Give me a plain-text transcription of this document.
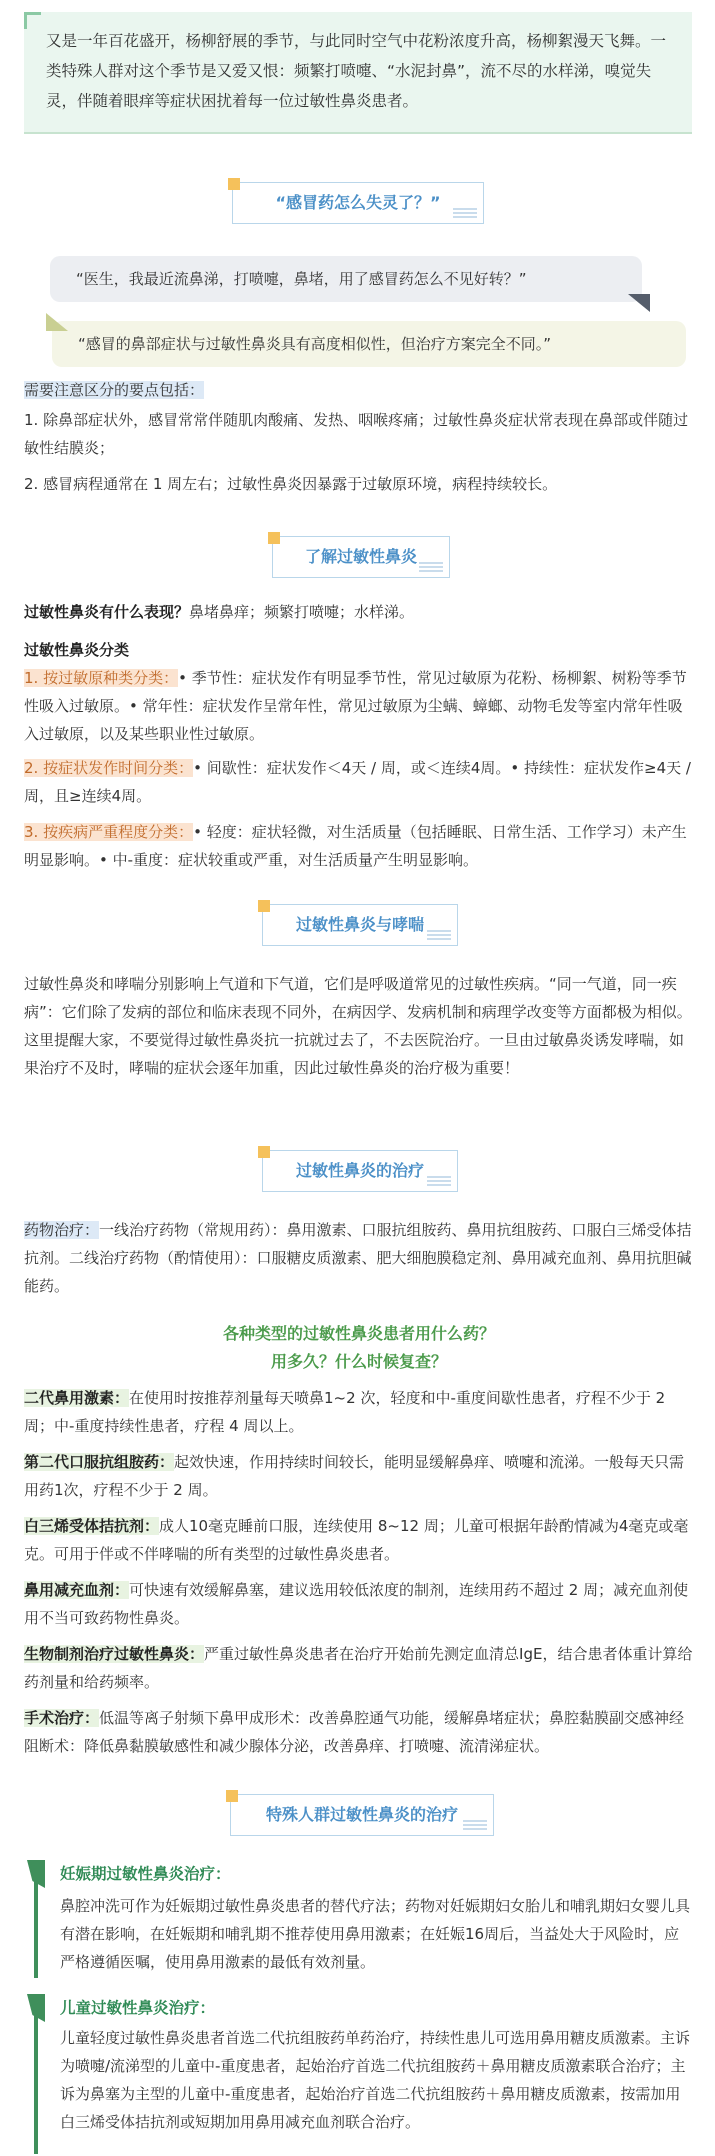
又是一年百花盛开，杨柳舒展的季节，与此同时空气中花粉浓度升高，杨柳絮漫天飞舞。一类特殊人群对这个季节是又爱又恨：频繁打喷嚏、“水泥封鼻”，流不尽的水样涕，嗅觉失灵，伴随着眼痒等症状困扰着每一位过敏性鼻炎患者。
“感冒药怎么失灵了？”
“医生，我最近流鼻涕，打喷嚏，鼻堵，用了感冒药怎么不见好转？”
“感冒的鼻部症状与过敏性鼻炎具有高度相似性，但治疗方案完全不同。”
需要注意区分的要点包括：
1. 除鼻部症状外，感冒常常伴随肌肉酸痛、发热、咽喉疼痛；过敏性鼻炎症状常表现在鼻部或伴随过敏性结膜炎；
2. 感冒病程通常在 1 周左右；过敏性鼻炎因暴露于过敏原环境，病程持续较长。
了解过敏性鼻炎
过敏性鼻炎有什么表现？鼻堵鼻痒；频繁打喷嚏；水样涕。
过敏性鼻炎分类
1. 按过敏原种类分类：• 季节性：症状发作有明显季节性，常见过敏原为花粉、杨柳絮、树粉等季节性吸入过敏原。• 常年性：症状发作呈常年性，常见过敏原为尘螨、蟑螂、动物毛发等室内常年性吸入过敏原，以及某些职业性过敏原。
2. 按症状发作时间分类：• 间歇性：症状发作＜4天 / 周，或＜连续4周。• 持续性：症状发作≥4天 / 周，且≥连续4周。
3. 按疾病严重程度分类：• 轻度：症状轻微，对生活质量（包括睡眠、日常生活、工作学习）未产生明显影响。• 中-重度：症状较重或严重，对生活质量产生明显影响。
过敏性鼻炎与哮喘
过敏性鼻炎和哮喘分别影响上气道和下气道，它们是呼吸道常见的过敏性疾病。“同一气道，同一疾病”：它们除了发病的部位和临床表现不同外，在病因学、发病机制和病理学改变等方面都极为相似。这里提醒大家，不要觉得过敏性鼻炎抗一抗就过去了，不去医院治疗。一旦由过敏鼻炎诱发哮喘，如果治疗不及时，哮喘的症状会逐年加重，因此过敏性鼻炎的治疗极为重要！
过敏性鼻炎的治疗
药物治疗：一线治疗药物（常规用药）：鼻用激素、口服抗组胺药、鼻用抗组胺药、口服白三烯受体拮抗剂。二线治疗药物（酌情使用）：口服糖皮质激素、肥大细胞膜稳定剂、鼻用减充血剂、鼻用抗胆碱能药。
各种类型的过敏性鼻炎患者用什么药？
用多久？什么时候复查？
二代鼻用激素：在使用时按推荐剂量每天喷鼻1~2 次，轻度和中-重度间歇性患者，疗程不少于 2 周；中-重度持续性患者，疗程 4 周以上。
第二代口服抗组胺药：起效快速，作用持续时间较长，能明显缓解鼻痒、喷嚏和流涕。一般每天只需用药1次，疗程不少于 2 周。
白三烯受体拮抗剂：成人10毫克睡前口服，连续使用 8~12 周；儿童可根据年龄酌情减为4毫克或毫克。可用于伴或不伴哮喘的所有类型的过敏性鼻炎患者。
鼻用减充血剂：可快速有效缓解鼻塞，建议选用较低浓度的制剂，连续用药不超过 2 周；减充血剂使用不当可致药物性鼻炎。
生物制剂治疗过敏性鼻炎：严重过敏性鼻炎患者在治疗开始前先测定血清总IgE，结合患者体重计算给药剂量和给药频率。
手术治疗：低温等离子射频下鼻甲成形术：改善鼻腔通气功能，缓解鼻堵症状；鼻腔黏膜副交感神经阻断术：降低鼻黏膜敏感性和减少腺体分泌，改善鼻痒、打喷嚏、流清涕症状。
特殊人群过敏性鼻炎的治疗
妊娠期过敏性鼻炎治疗：
鼻腔冲洗可作为妊娠期过敏性鼻炎患者的替代疗法；药物对妊娠期妇女胎儿和哺乳期妇女婴儿具有潜在影响，在妊娠期和哺乳期不推荐使用鼻用激素；在妊娠16周后，当益处大于风险时，应严格遵循医嘱，使用鼻用激素的最低有效剂量。
儿童过敏性鼻炎治疗：
儿童轻度过敏性鼻炎患者首选二代抗组胺药单药治疗，持续性患儿可选用鼻用糖皮质激素。主诉为喷嚏/流涕型的儿童中-重度患者，起始治疗首选二代抗组胺药＋鼻用糖皮质激素联合治疗；主诉为鼻塞为主型的儿童中-重度患者，起始治疗首选二代抗组胺药＋鼻用糖皮质激素，按需加用白三烯受体拮抗剂或短期加用鼻用减充血剂联合治疗。
